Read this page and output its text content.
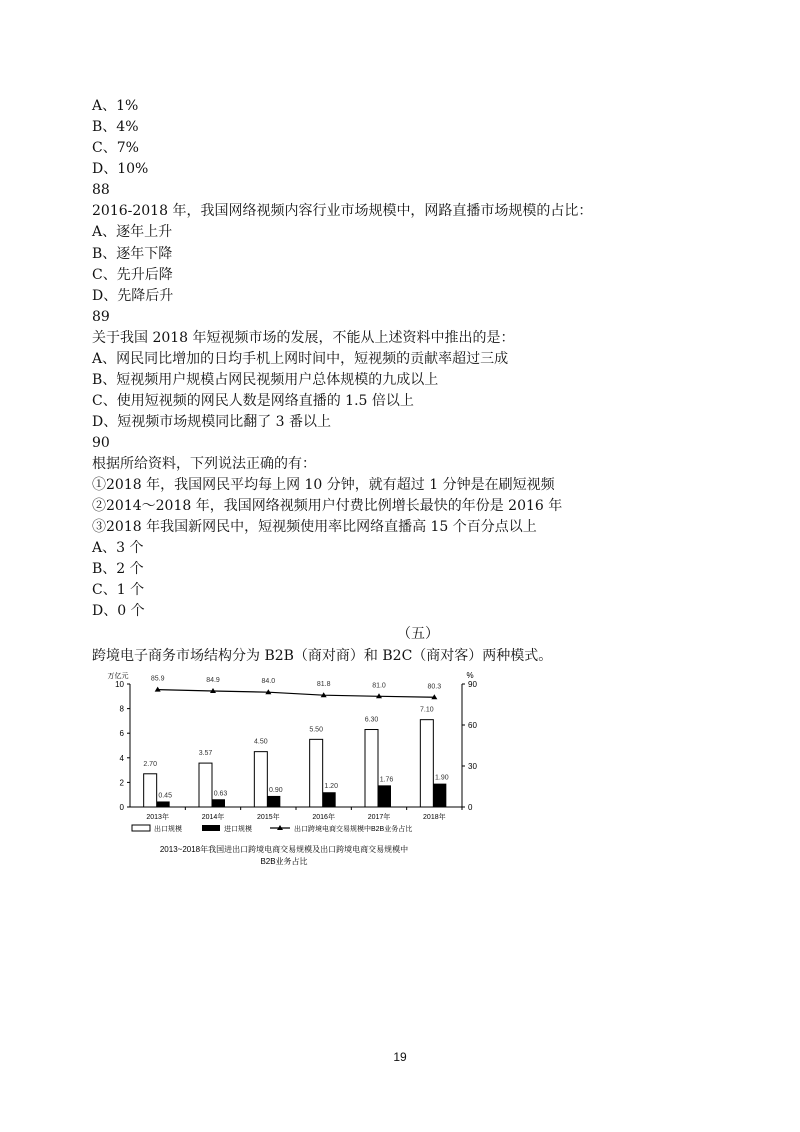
A、1%
B、4%
C、7%
D、10%
88
2016-2018 年，我国网络视频内容行业市场规模中，网路直播市场规模的占比：
A、逐年上升
B、逐年下降
C、先升后降
D、先降后升
89
关于我国 2018 年短视频市场的发展，不能从上述资料中推出的是：
A、网民同比增加的日均手机上网时间中，短视频的贡献率超过三成
B、短视频用户规模占网民视频用户总体规模的九成以上
C、使用短视频的网民人数是网络直播的 1.5 倍以上
D、短视频市场规模同比翻了 3 番以上
90
根据所给资料，下列说法正确的有：
①2018 年，我国网民平均每上网 10 分钟，就有超过 1 分钟是在刷短视频
②2014～2018 年，我国网络视频用户付费比例增长最快的年份是 2016 年
③2018 年我国新网民中，短视频使用率比网络直播高 15 个百分点以上
A、3 个
B、2 个
C、1 个
D、0 个
（五）
跨境电子商务市场结构分为 B2B（商对商）和 B2C（商对客）两种模式。
0
2
4
6
8
10
0
30
60
90
万亿元	%
2.70
0.45
2013年
3.57
0.63
2014年
4.50
0.90
2015年
5.50
1.20
2016年
6.30
1.76
2017年
7.10
1.90
2018年
85.9	84.9	84.0	81.8	81.0	80.3
出口规模	进口规模	出口跨境电商交易规模中B2B业务占比
2013~2018年我国进出口跨境电商交易规模及出口跨境电商交易规模中
B2B业务占比
19
